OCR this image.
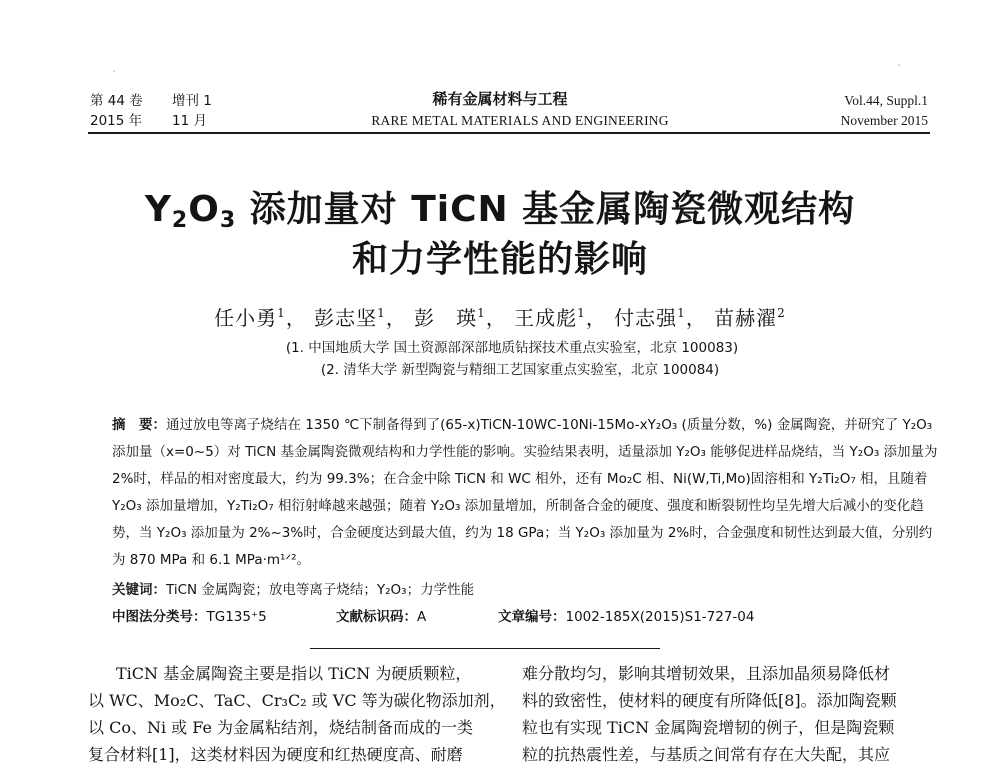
·	·
第 44 卷 增刊 1
2015 年 11 月
稀有金属材料与工程
RARE METAL MATERIALS AND ENGINEERING
Vol.44, Suppl.1
November 2015
$Y_2O_3$ 添加量对 TiCN 基金属陶瓷微观结构
和力学性能的影响
任小勇$^1$， 彭志坚$^1$， 彭　瑛$^1$， 王成彪$^1$， 付志强$^1$， 苗赫濯$^2$
(1. 中国地质大学 国土资源部深部地质钻探技术重点实验室，北京 100083)
(2. 清华大学 新型陶瓷与精细工艺国家重点实验室，北京 100084)
摘　要：通过放电等离子烧结在 1350 ℃下制备得到了(65-x)TiCN-10WC-10Ni-15Mo-xY₂O₃ (质量分数，%) 金属陶瓷，并研究了 Y₂O₃ 添加量（x=0~5）对 TiCN 基金属陶瓷微观结构和力学性能的影响。实验结果表明，适量添加 Y₂O₃ 能够促进样品烧结，当 Y₂O₃ 添加量为 2%时，样品的相对密度最大，约为 99.3%；在合金中除 TiCN 和 WC 相外，还有 Mo₂C 相、Ni(W,Ti,Mo)固溶相和 Y₂Ti₂O₇ 相，且随着 Y₂O₃ 添加量增加，Y₂Ti₂O₇ 相衍射峰越来越强；随着 Y₂O₃ 添加量增加，所制备合金的硬度、强度和断裂韧性均呈先增大后减小的变化趋势，当 Y₂O₃ 添加量为 2%~3%时，合金硬度达到最大值，约为 18 GPa；当 Y₂O₃ 添加量为 2%时，合金强度和韧性达到最大值，分别约为 870 MPa 和 6.1 MPa·m¹ᐟ²。
关键词：TiCN 金属陶瓷；放电等离子烧结；Y₂O₃；力学性能
中图法分类号：TG135⁺5	文献标识码：A	文章编号：1002-185X(2015)S1-727-04
TiCN 基金属陶瓷主要是指以 TiCN 为硬质颗粒，
以 WC、Mo₂C、TaC、Cr₃C₂ 或 VC 等为碳化物添加剂，
以 Co、Ni 或 Fe 为金属粘结剂，烧结制备而成的一类
复合材料[1]，这类材料因为硬度和红热硬度高、耐磨
难分散均匀，影响其增韧效果，且添加晶须易降低材
料的致密性，使材料的硬度有所降低[8]。添加陶瓷颗
粒也有实现 TiCN 金属陶瓷增韧的例子，但是陶瓷颗
粒的抗热震性差，与基质之间常有存在大失配，其应
